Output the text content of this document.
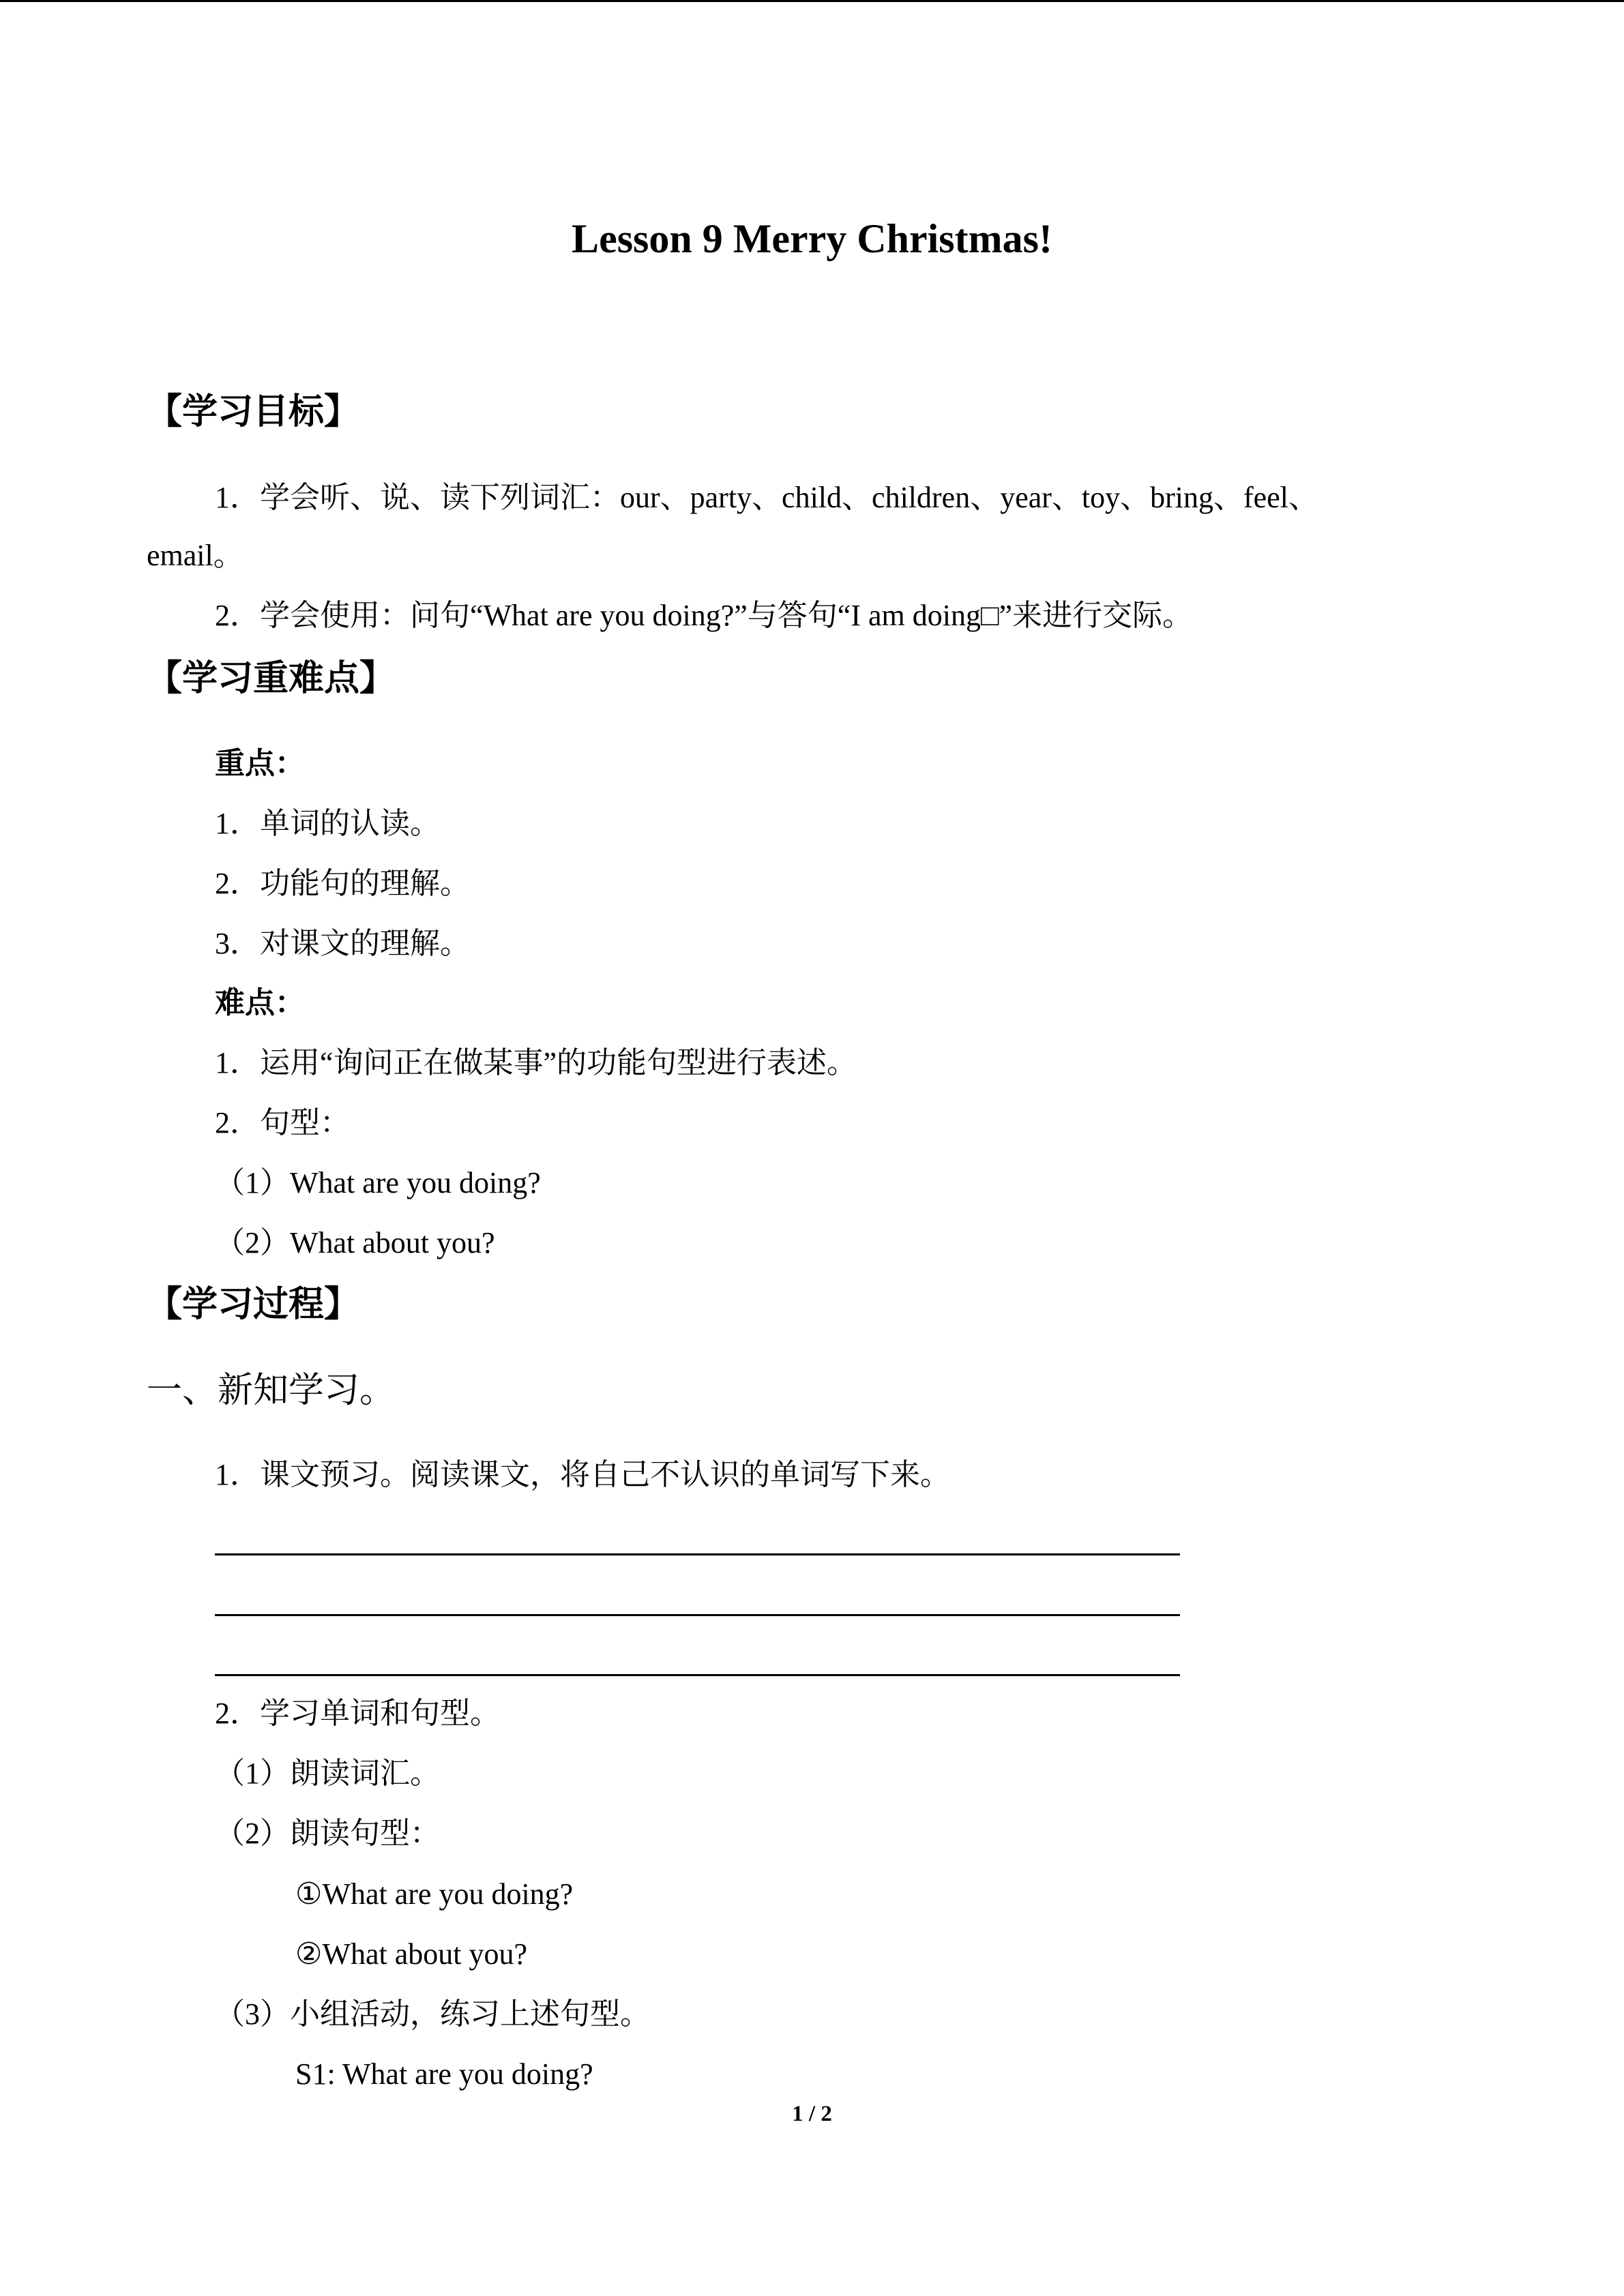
Lesson 9 Merry Christmas!
【学习目标】
1．学会听、说、读下列词汇：our、party、child、children、year、toy、bring、feel、
email。
2．学会使用：问句“What are you doing?”与答句“I am doing□”来进行交际。
【学习重难点】
重点：
1．单词的认读。
2．功能句的理解。
3．对课文的理解。
难点：
1．运用“询问正在做某事”的功能句型进行表述。
2．句型：
（1）What are you doing?
（2）What about you?
【学习过程】
一、新知学习。
1．课文预习。阅读课文，将自己不认识的单词写下来。
2．学习单词和句型。
（1）朗读词汇。
（2）朗读句型：
①What are you doing?
②What about you?
（3）小组活动，练习上述句型。
S1: What are you doing?
1 / 2
